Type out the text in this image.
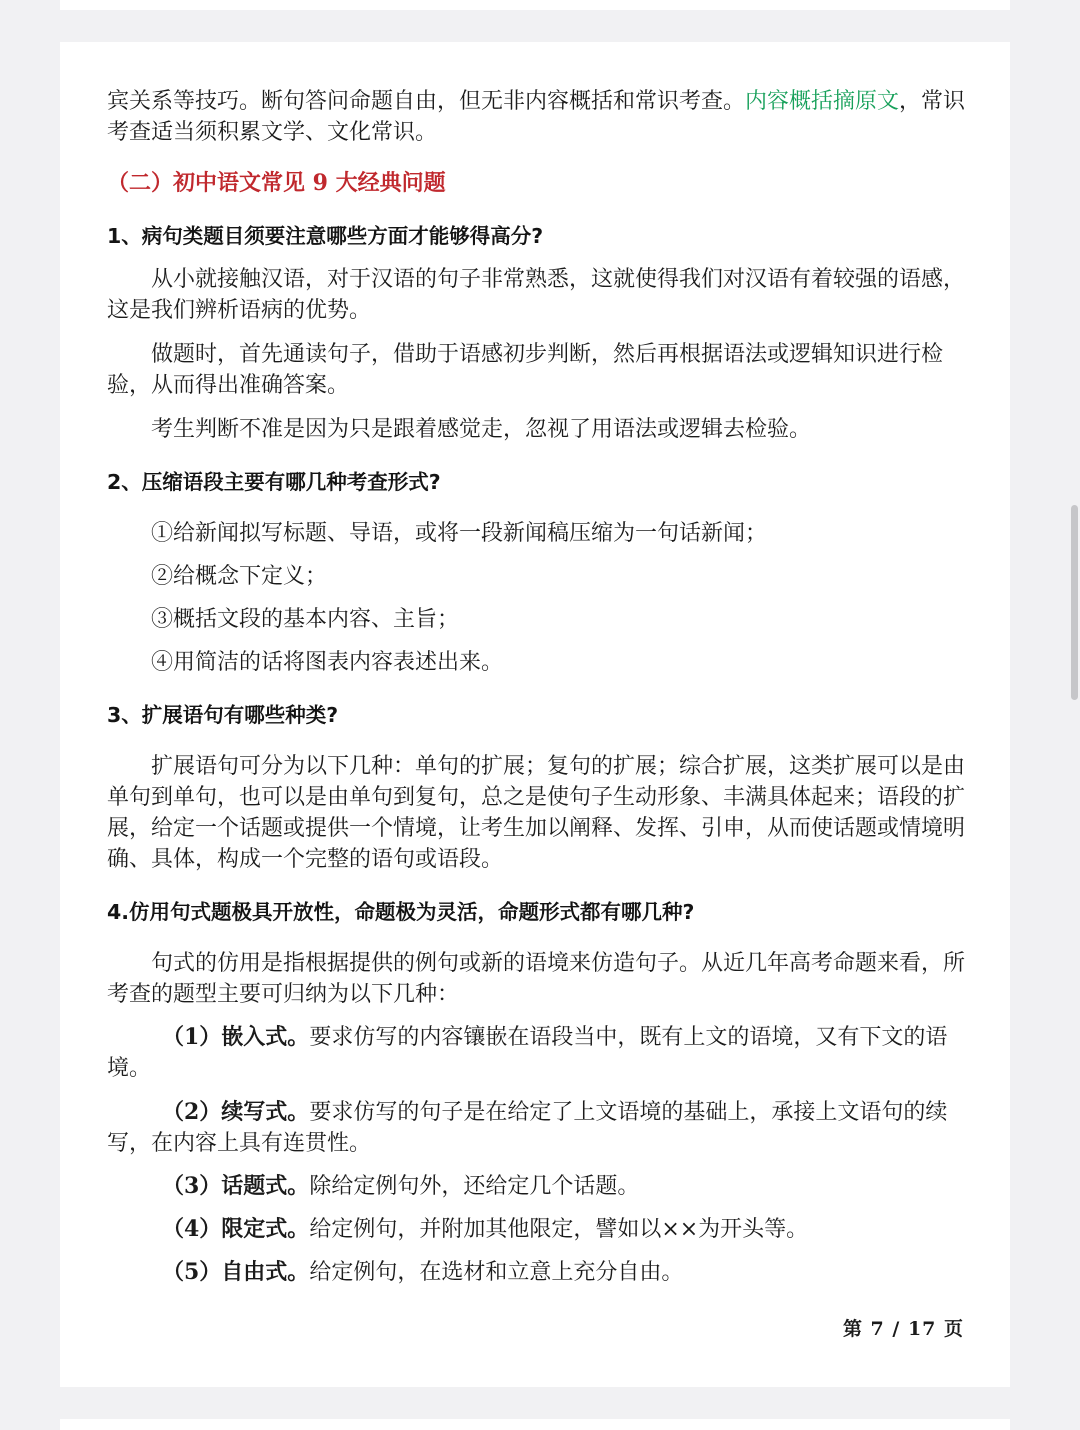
宾关系等技巧。断句答问命题自由，但无非内容概括和常识考查。内容概括摘原文，常识考查适当须积累文学、文化常识。

（二）初中语文常见 9 大经典问题

1、病句类题目须要注意哪些方面才能够得高分?

从小就接触汉语，对于汉语的句子非常熟悉，这就使得我们对汉语有着较强的语感，这是我们辨析语病的优势。

做题时，首先通读句子，借助于语感初步判断，然后再根据语法或逻辑知识进行检验，从而得出准确答案。

考生判断不准是因为只是跟着感觉走，忽视了用语法或逻辑去检验。

2、压缩语段主要有哪几种考查形式?

①给新闻拟写标题、导语，或将一段新闻稿压缩为一句话新闻；

②给概念下定义；

③概括文段的基本内容、主旨；

④用简洁的话将图表内容表述出来。

3、扩展语句有哪些种类?

扩展语句可分为以下几种：单句的扩展；复句的扩展；综合扩展，这类扩展可以是由单句到单句，也可以是由单句到复句，总之是使句子生动形象、丰满具体起来；语段的扩展，给定一个话题或提供一个情境，让考生加以阐释、发挥、引申，从而使话题或情境明确、具体，构成一个完整的语句或语段。

4.仿用句式题极具开放性，命题极为灵活，命题形式都有哪几种?

句式的仿用是指根据提供的例句或新的语境来仿造句子。从近几年高考命题来看，所考查的题型主要可归纳为以下几种：

（1）嵌入式。要求仿写的内容镶嵌在语段当中，既有上文的语境，又有下文的语境。

（2）续写式。要求仿写的句子是在给定了上文语境的基础上，承接上文语句的续写，在内容上具有连贯性。

（3）话题式。除给定例句外，还给定几个话题。

（4）限定式。给定例句，并附加其他限定，譬如以××为开头等。

（5）自由式。给定例句，在选材和立意上充分自由。

第 7 / 17 页
